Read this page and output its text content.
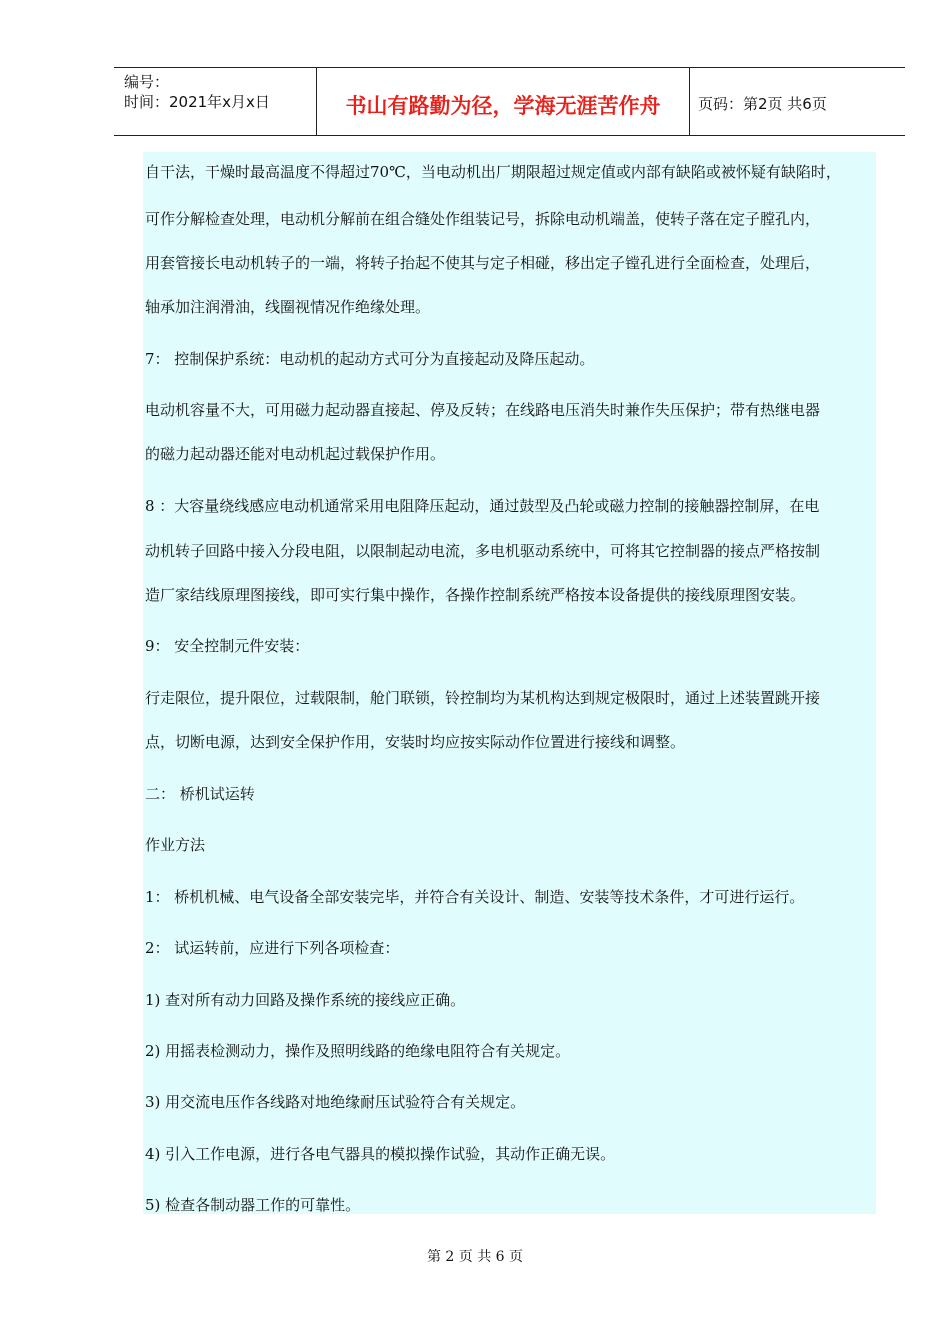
编号：
时间：2021年x月x日	书山有路勤为径，学海无涯苦作舟	页码：第2页 共6页
自干法，干燥时最高温度不得超过70℃，当电动机出厂期限超过规定值或内部有缺陷或被怀疑有缺陷时，
可作分解检查处理，电动机分解前在组合缝处作组装记号，拆除电动机端盖，使转子落在定子膛孔内，
用套管接长电动机转子的一端，将转子抬起不使其与定子相碰，移出定子镗孔进行全面检查，处理后，
轴承加注润滑油，线圈视情况作绝缘处理。
7： 控制保护系统：电动机的起动方式可分为直接起动及降压起动。
电动机容量不大，可用磁力起动器直接起、停及反转；在线路电压消失时兼作失压保护；带有热继电器
的磁力起动器还能对电动机起过载保护作用。
8 ：大容量绕线感应电动机通常采用电阻降压起动，通过鼓型及凸轮或磁力控制的接触器控制屏，在电
动机转子回路中接入分段电阻，以限制起动电流，多电机驱动系统中，可将其它控制器的接点严格按制
造厂家结线原理图接线，即可实行集中操作，各操作控制系统严格按本设备提供的接线原理图安装。
9： 安全控制元件安装：
行走限位，提升限位，过载限制，舱门联锁，铃控制均为某机构达到规定极限时，通过上述装置跳开接
点，切断电源，达到安全保护作用，安装时均应按实际动作位置进行接线和调整。
二： 桥机试运转
作业方法
1： 桥机机械、电气设备全部安装完毕，并符合有关设计、制造、安装等技术条件，才可进行运行。
2： 试运转前，应进行下列各项检查：
1) 查对所有动力回路及操作系统的接线应正确。
2) 用摇表检测动力，操作及照明线路的绝缘电阻符合有关规定。
3) 用交流电压作各线路对地绝缘耐压试验符合有关规定。
4) 引入工作电源，进行各电气器具的模拟操作试验，其动作正确无误。
5) 检查各制动器工作的可靠性。
第 2 页 共 6 页
